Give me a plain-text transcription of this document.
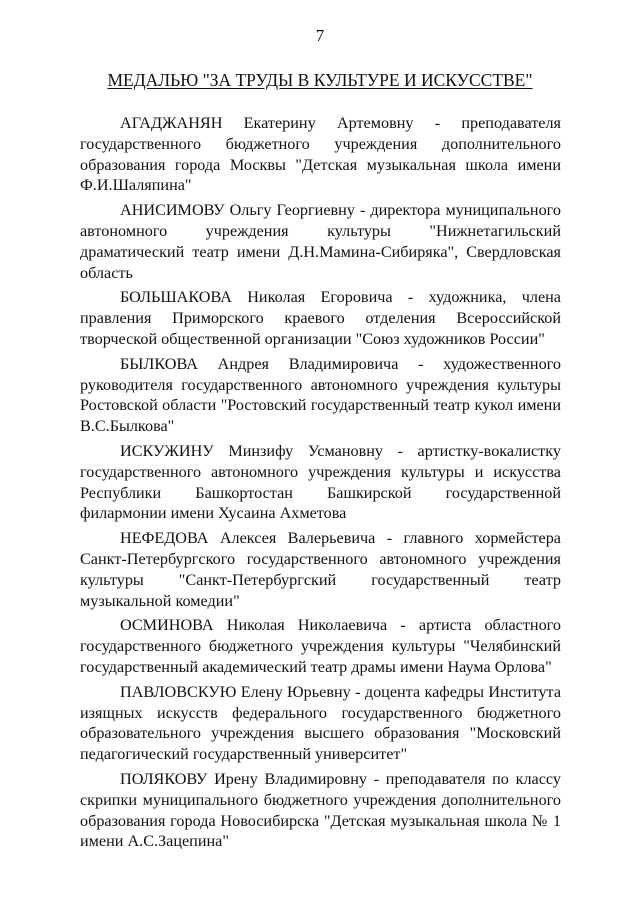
7
МЕДАЛЬЮ "ЗА ТРУДЫ В КУЛЬТУРЕ И ИСКУССТВЕ"

АГАДЖАНЯН Екатерину Артемовну - преподавателя государственного бюджетного учреждения дополнительного образования города Москвы "Детская музыкальная школа имени Ф.И.Шаляпина"

АНИСИМОВУ Ольгу Георгиевну - директора муниципального автономного учреждения культуры "Нижнетагильский драматический театр имени Д.Н.Мамина-Сибиряка", Свердловская область

БОЛЬШАКОВА Николая Егоровича - художника, члена правления Приморского краевого отделения Всероссийской творческой общественной организации "Союз художников России"

БЫЛКОВА Андрея Владимировича - художественного руководителя государственного автономного учреждения культуры Ростовской области "Ростовский государственный театр кукол имени В.С.Былкова"

ИСКУЖИНУ Минзифу Усмановну - артистку-вокалистку государственного автономного учреждения культуры и искусства Республики Башкортостан Башкирской государственной филармонии имени Хусаина Ахметова

НЕФЕДОВА Алексея Валерьевича - главного хормейстера Санкт-Петербургского государственного автономного учреждения культуры "Санкт-Петербургский государственный театр музыкальной комедии"

ОСМИНОВА Николая Николаевича - артиста областного государственного бюджетного учреждения культуры "Челябинский государственный академический театр драмы имени Наума Орлова"

ПАВЛОВСКУЮ Елену Юрьевну - доцента кафедры Института изящных искусств федерального государственного бюджетного образовательного учреждения высшего образования "Московский педагогический государственный университет"

ПОЛЯКОВУ Ирену Владимировну - преподавателя по классу скрипки муниципального бюджетного учреждения дополнительного образования города Новосибирска "Детская музыкальная школа № 1 имени А.С.Зацепина"
